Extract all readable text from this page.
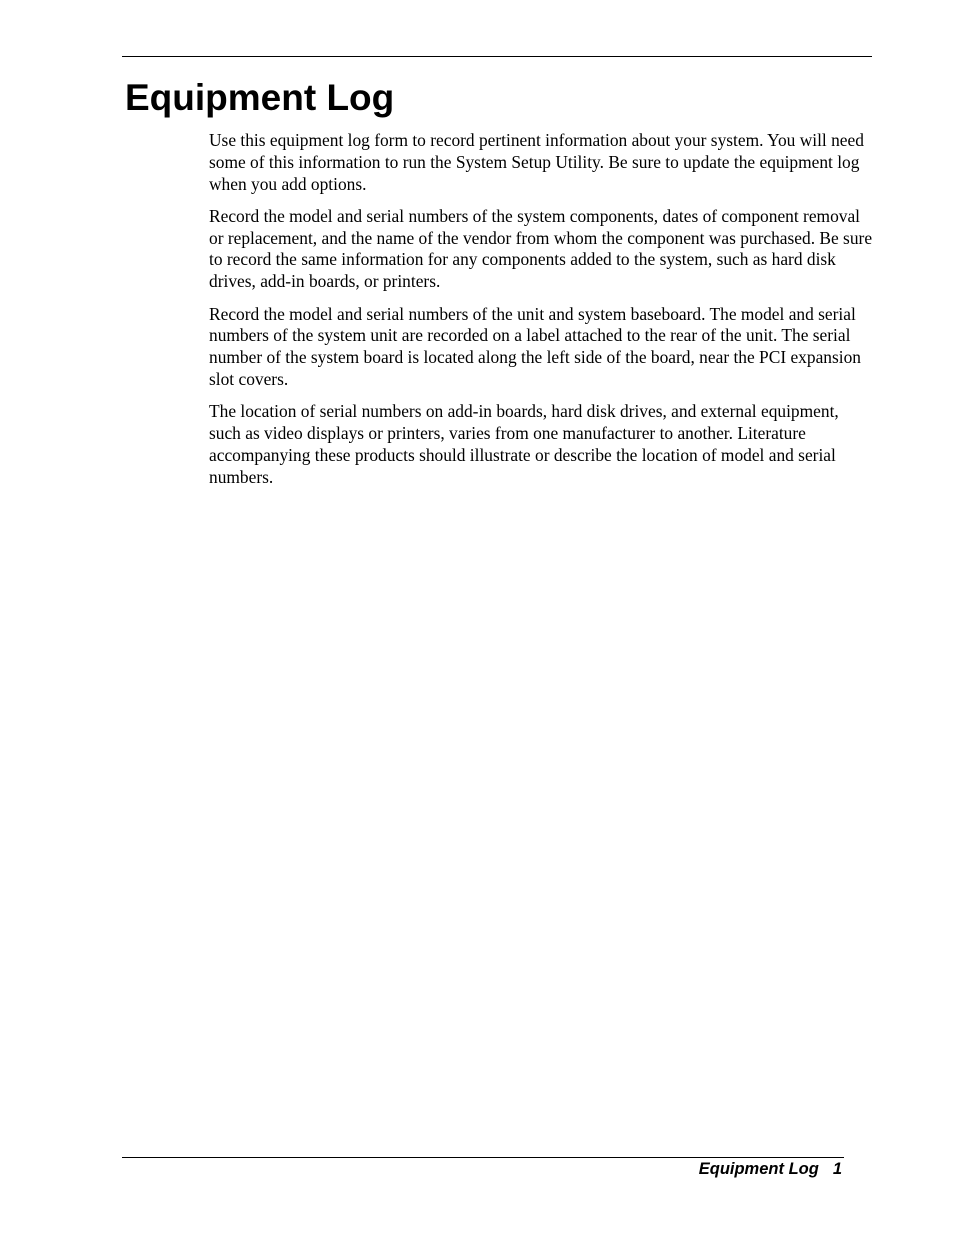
Equipment Log

Use this equipment log form to record pertinent information about your system. You will need some of this information to run the System Setup Utility. Be sure to update the equipment log when you add options.

Record the model and serial numbers of the system components, dates of component removal or replacement, and the name of the vendor from whom the component was purchased. Be sure to record the same information for any components added to the system, such as hard disk drives, add-in boards, or printers.

Record the model and serial numbers of the unit and system baseboard. The model and serial numbers of the system unit are recorded on a label attached to the rear of the unit. The serial number of the system board is located along the left side of the board, near the PCI expansion slot covers.

The location of serial numbers on add-in boards, hard disk drives, and external equipment, such as video displays or printers, varies from one manufacturer to another. Literature accompanying these products should illustrate or describe the location of model and serial numbers.

Equipment Log 1
